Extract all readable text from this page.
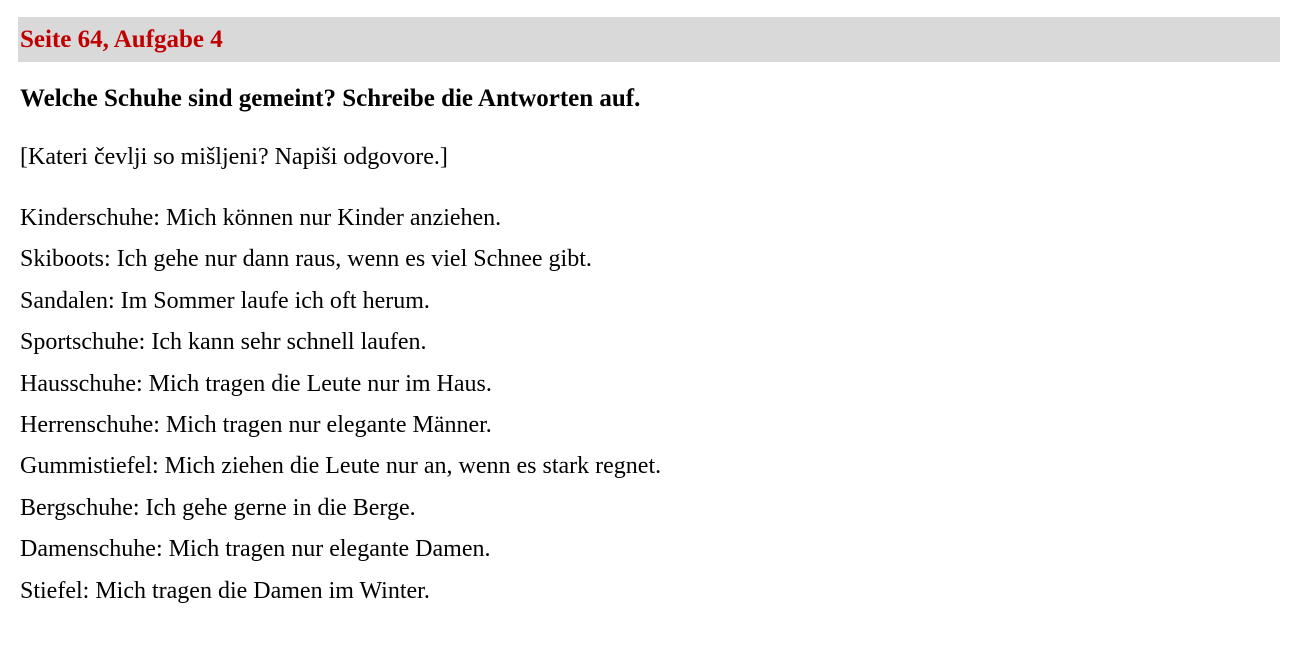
Seite 64, Aufgabe 4
Welche Schuhe sind gemeint? Schreibe die Antworten auf.

[Kateri čevlji so mišljeni? Napiši odgovore.]

Kinderschuhe: Mich können nur Kinder anziehen.
Skiboots: Ich gehe nur dann raus, wenn es viel Schnee gibt.
Sandalen: Im Sommer laufe ich oft herum.
Sportschuhe: Ich kann sehr schnell laufen.
Hausschuhe: Mich tragen die Leute nur im Haus.
Herrenschuhe: Mich tragen nur elegante Männer.
Gummistiefel: Mich ziehen die Leute nur an, wenn es stark regnet.
Bergschuhe: Ich gehe gerne in die Berge.
Damenschuhe: Mich tragen nur elegante Damen.
Stiefel: Mich tragen die Damen im Winter.
